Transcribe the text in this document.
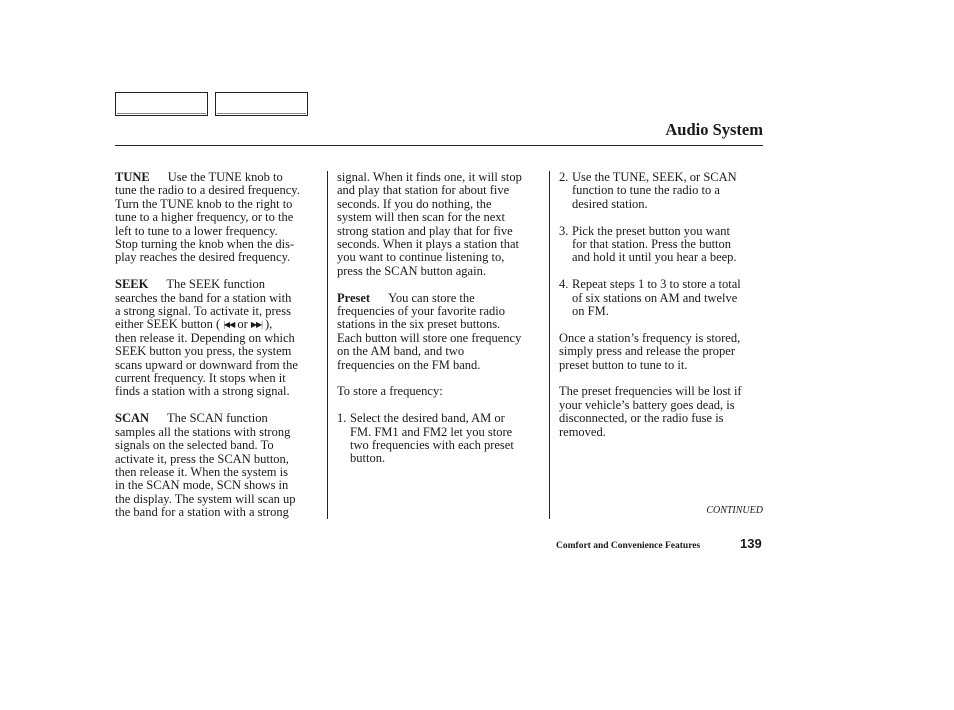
Audio System
TUNE Use the TUNE knob to
tune the radio to a desired frequency.
Turn the TUNE knob to the right to
tune to a higher frequency, or to the
left to tune to a lower frequency.
Stop turning the knob when the dis-
play reaches the desired frequency.
SEEK The SEEK function
searches the band for a station with
a strong signal. To activate it, press
either SEEK button ( |◀◀ or ▶▶| ),
then release it. Depending on which
SEEK button you press, the system
scans upward or downward from the
current frequency. It stops when it
finds a station with a strong signal.
SCAN The SCAN function
samples all the stations with strong
signals on the selected band. To
activate it, press the SCAN button,
then release it. When the system is
in the SCAN mode, SCN shows in
the display. The system will scan up
the band for a station with a strong
signal. When it finds one, it will stop
and play that station for about five
seconds. If you do nothing, the
system will then scan for the next
strong station and play that for five
seconds. When it plays a station that
you want to continue listening to,
press the SCAN button again.
Preset You can store the
frequencies of your favorite radio
stations in the six preset buttons.
Each button will store one frequency
on the AM band, and two
frequencies on the FM band.
To store a frequency:
1. Select the desired band, AM or
FM. FM1 and FM2 let you store
two frequencies with each preset
button.
2. Use the TUNE, SEEK, or SCAN
function to tune the radio to a
desired station.
3. Pick the preset button you want
for that station. Press the button
and hold it until you hear a beep.
4. Repeat steps 1 to 3 to store a total
of six stations on AM and twelve
on FM.
Once a station’s frequency is stored,
simply press and release the proper
preset button to tune to it.
The preset frequencies will be lost if
your vehicle’s battery goes dead, is
disconnected, or the radio fuse is
removed.

CONTINUED

Comfort and Convenience Features	139
